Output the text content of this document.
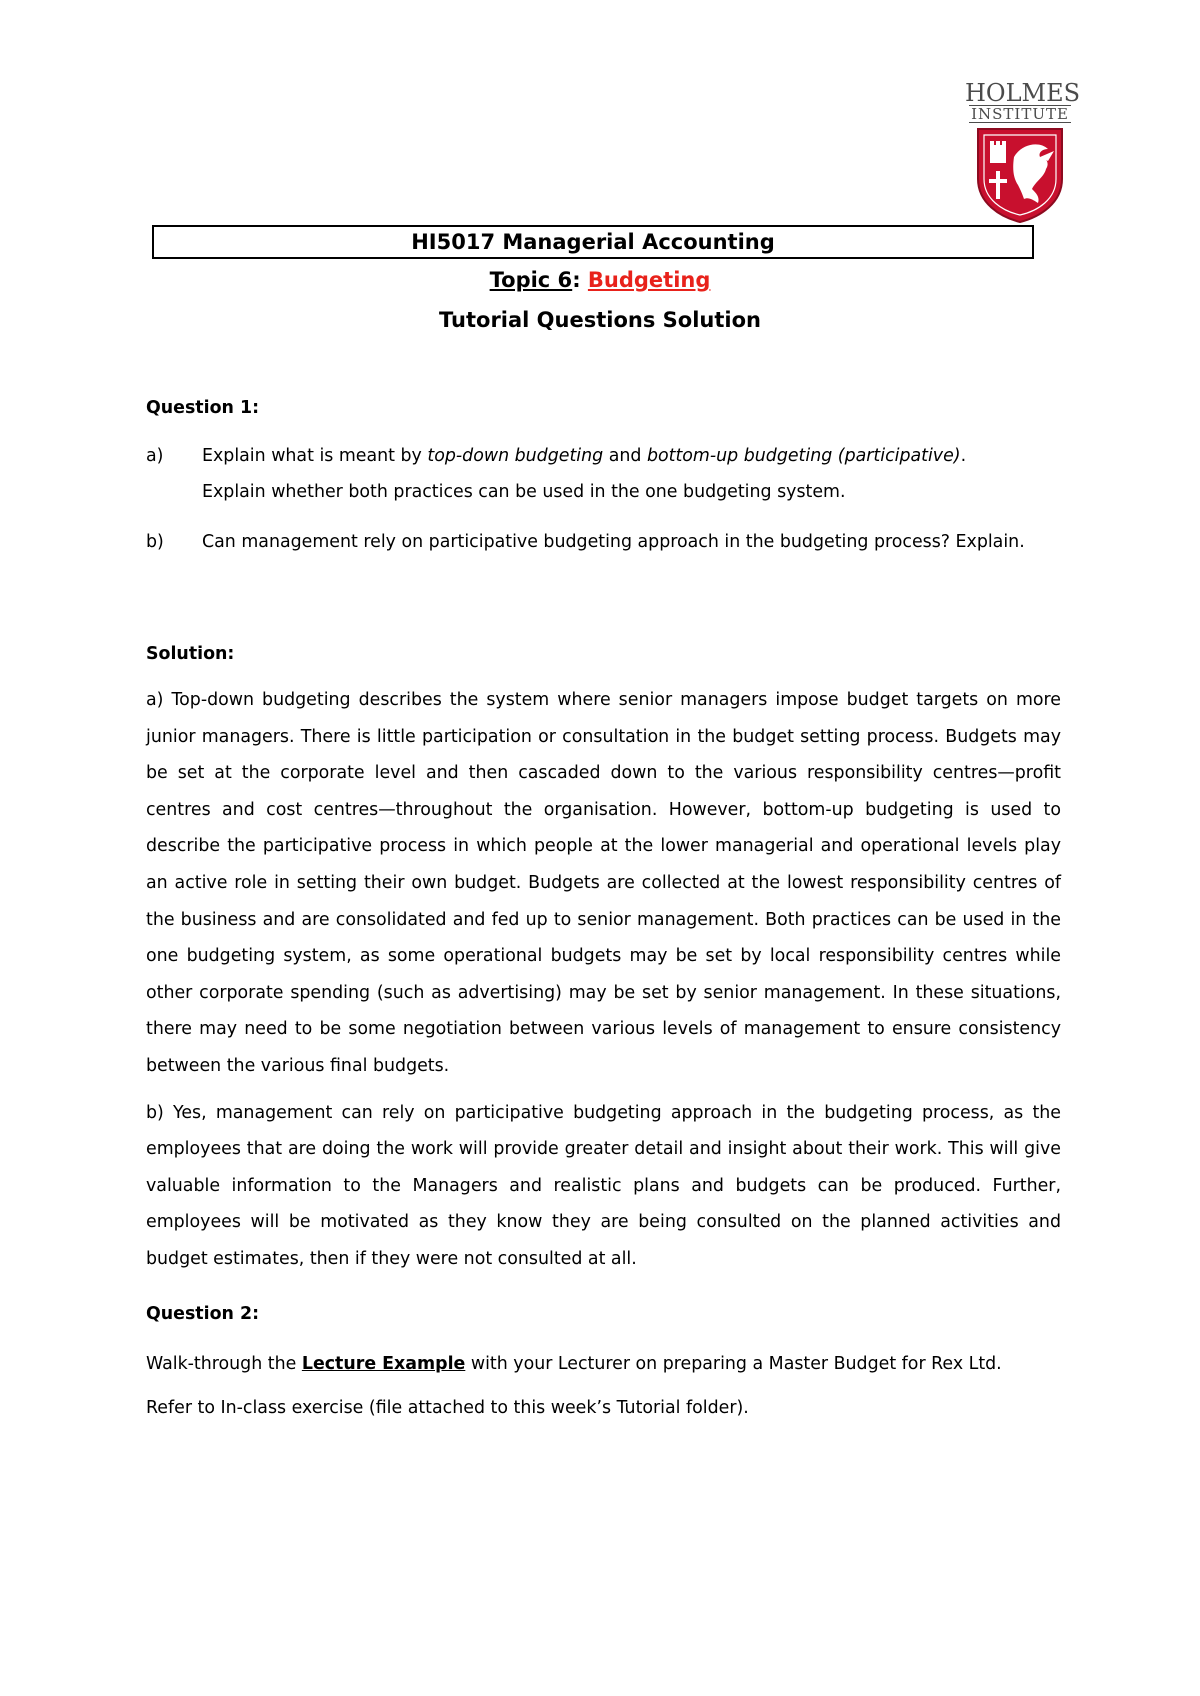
HOLMES
INSTITUTE
HI5017 Managerial Accounting
Topic 6: Budgeting
Tutorial Questions Solution

Question 1:

a) Explain what is meant by top-down budgeting and bottom-up budgeting (participative).
Explain whether both practices can be used in the one budgeting system.
b) Can management rely on participative budgeting approach in the budgeting process? Explain.

Solution:

a) Top-down budgeting describes the system where senior managers impose budget targets on more junior managers. There is little participation or consultation in the budget setting process. Budgets may be set at the corporate level and then cascaded down to the various responsibility centres—profit centres and cost centres—throughout the organisation. However, bottom-up budgeting is used to describe the participative process in which people at the lower managerial and operational levels play an active role in setting their own budget. Budgets are collected at the lowest responsibility centres of the business and are consolidated and fed up to senior management. Both practices can be used in the one budgeting system, as some operational budgets may be set by local responsibility centres while other corporate spending (such as advertising) may be set by senior management. In these situations, there may need to be some negotiation between various levels of management to ensure consistency between the various final budgets.

b) Yes, management can rely on participative budgeting approach in the budgeting process, as the employees that are doing the work will provide greater detail and insight about their work. This will give valuable information to the Managers and realistic plans and budgets can be produced. Further, employees will be motivated as they know they are being consulted on the planned activities and budget estimates, then if they were not consulted at all.

Question 2:

Walk-through the Lecture Example with your Lecturer on preparing a Master Budget for Rex Ltd.

Refer to In-class exercise (file attached to this week’s Tutorial folder).
